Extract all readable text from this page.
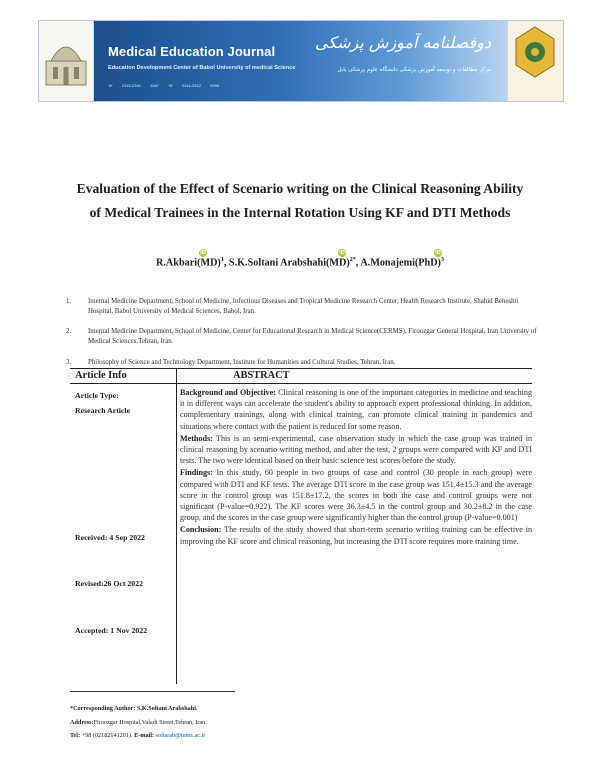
Medical Education Journal
Education Development Center of Babol University of medical Science
☏ 0116-2341 1087 ☏ 0116-2512 9996
دوفصلنامه آموزش پزشکی
مرکز مطالعات و توسعه آموزش پزشکی دانشگاه علوم پزشکی بابل
Evaluation of the Effect of Scenario writing on the Clinical Reasoning Ability
of Medical Trainees in the Internal Rotation Using KF and DTI Methods
R.Akbari(MD)$^1$, S.K.Soltani Arabshahi(MD)$^{2*}$, A.Monajemi(PhD)$^3$
iD	iD	iD
1. Internal Medicine Department, School of Medicine, Infectious Diseases and Tropical Medicine Research Center, Health Research Institute, Shahid Beheshti Hospital, Babol University of Medical Sciences, Babol, Iran.
2. Internal Medicine Department, School of Medicine, Center for Educational Research in Medical Science(CERMS), Firoozgar General Hospital, Iran University of Medical Sciences,Tehran, Iran.
3. Philosophy of Science and Technology Department, Institute for Humanities and Cultural Studies, Tehran, Iran.
Article Info	ABSTRACT
Article Type:
Research Article
Received: 4 Sep 2022
Revised:26 Oct 2022
Accepted: 1 Nov 2022

Background and Objective: Clinical reasoning is one of the important categories in medicine and teaching it in different ways can accelerate the student's ability to approach expert professional thinking. In addition, complementary trainings, along with clinical training, can promote clinical training in pandemics and situations where contact with the patient is reduced for some reason.

Methods: This is an semi-experimental, case observation study in which the case group was trained in clinical reasoning by scenario writing method, and after the test, 2 groups were compared with KF and DTI tests. The two were identical based on their basic science test scores before the study.

Findings: In this study, 60 people in two groups of case and control (30 people in each group) were compared with DTI and KF tests. The average DTI score in the case group was 151.4±15.3 and the average score in the control group was 151.8±17.2, the scores in both the case and control groups were not significant (P-value=0.922). The KF scores were 36.3±4.5 in the control group and 30.2±8.2 in the case group, and the scores in the case group were significantly higher than the control group (P-value=0.001)

Conclusion: The results of the study showed that short-term scenario writing training can be effective in improving the KF score and clinical reasoning, but increasing the DTI score requires more training time.

*Corresponding Author: S.K.Soltani Arabshahi.
Address:Firoozgar Hospital,Valadi Street,Tehran, Iran.
Tel: +98 (02182141201). E-mail: soltarab@iums.ac.ir
